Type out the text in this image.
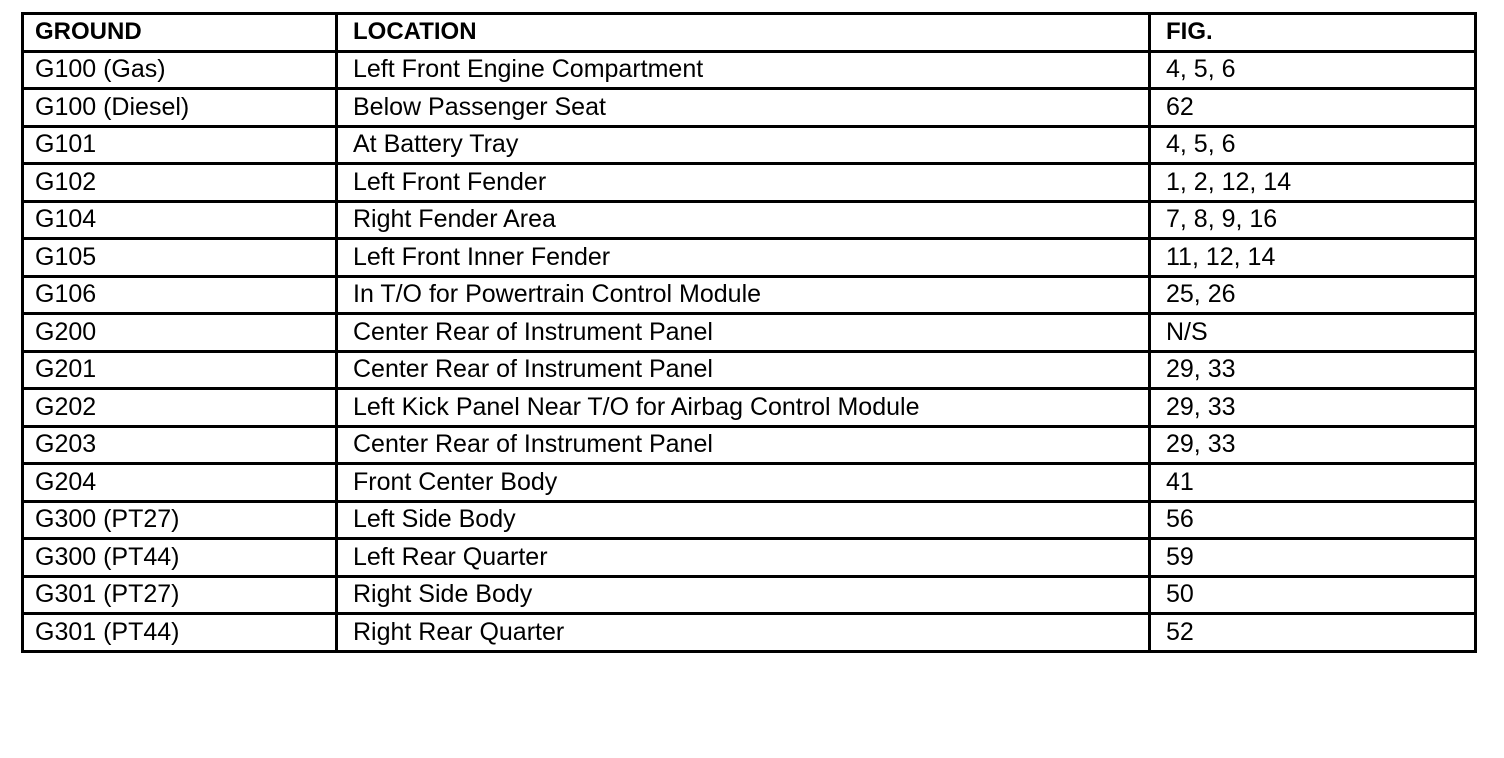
GROUND	LOCATION	FIG.
G100 (Gas)	Left Front Engine Compartment	4, 5, 6
G100 (Diesel)	Below Passenger Seat	62
G101	At Battery Tray	4, 5, 6
G102	Left Front Fender	1, 2, 12, 14
G104	Right Fender Area	7, 8, 9, 16
G105	Left Front Inner Fender	11, 12, 14
G106	In T/O for Powertrain Control Module	25, 26
G200	Center Rear of Instrument Panel	N/S
G201	Center Rear of Instrument Panel	29, 33
G202	Left Kick Panel Near T/O for Airbag Control Module	29, 33
G203	Center Rear of Instrument Panel	29, 33
G204	Front Center Body	41
G300 (PT27)	Left Side Body	56
G300 (PT44)	Left Rear Quarter	59
G301 (PT27)	Right Side Body	50
G301 (PT44)	Right Rear Quarter	52
